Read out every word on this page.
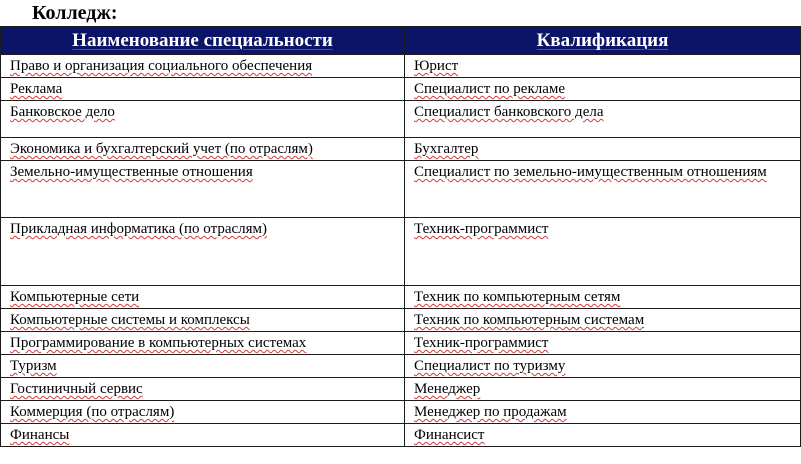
Колледж:
Наименование специальности	Квалификация
Право и организация социального обеспечения	Юрист
Реклама	Специалист по рекламе
Банковское дело	Специалист банковского дела
Экономика и бухгалтерский учет (по отраслям)	Бухгалтер
Земельно-имущественные отношения	Специалист по земельно-имущественным отношениям
Прикладная информатика (по отраслям)	Техник-программист
Компьютерные сети	Техник по компьютерным сетям
Компьютерные системы и комплексы	Техник по компьютерным системам
Программирование в компьютерных системах	Техник-программист
Туризм	Специалист по туризму
Гостиничный сервис	Менеджер
Коммерция (по отраслям)	Менеджер по продажам
Финансы	Финансист
